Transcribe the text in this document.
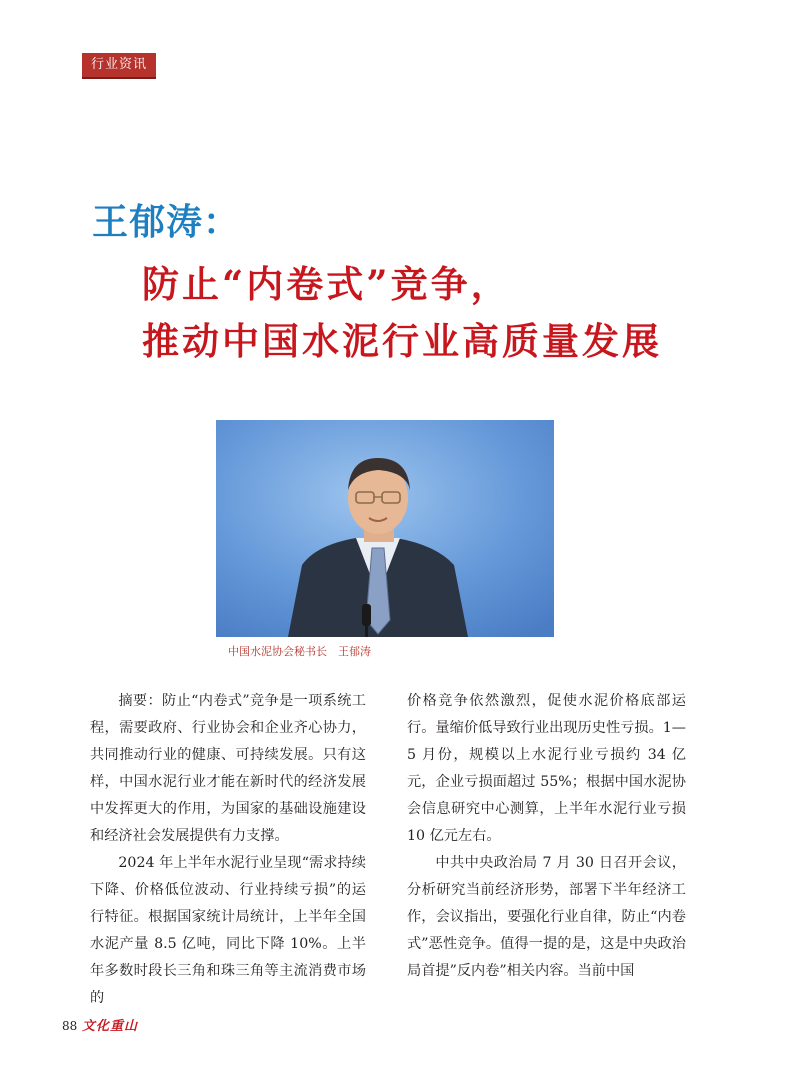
行业资讯
王郁涛：
防止“内卷式”竞争，
推动中国水泥行业高质量发展
中国水泥协会秘书长　王郁涛

摘要：防止“内卷式”竞争是一项系统工程，需要政府、行业协会和企业齐心协力，共同推动行业的健康、可持续发展。只有这样，中国水泥行业才能在新时代的经济发展中发挥更大的作用，为国家的基础设施建设和经济社会发展提供有力支撑。

2024 年上半年水泥行业呈现“需求持续下降、价格低位波动、行业持续亏损”的运行特征。根据国家统计局统计，上半年全国水泥产量 8.5 亿吨，同比下降 10%。上半年多数时段长三角和珠三角等主流消费市场的

价格竞争依然激烈，促使水泥价格底部运行。量缩价低导致行业出现历史性亏损。1—5 月份，规模以上水泥行业亏损约 34 亿元，企业亏损面超过 55%；根据中国水泥协会信息研究中心测算，上半年水泥行业亏损 10 亿元左右。

中共中央政治局 7 月 30 日召开会议，分析研究当前经济形势，部署下半年经济工作，会议指出，要强化行业自律，防止“内卷式”恶性竞争。值得一提的是，这是中央政治局首提”反内卷”相关内容。当前中国

88 文化重山
